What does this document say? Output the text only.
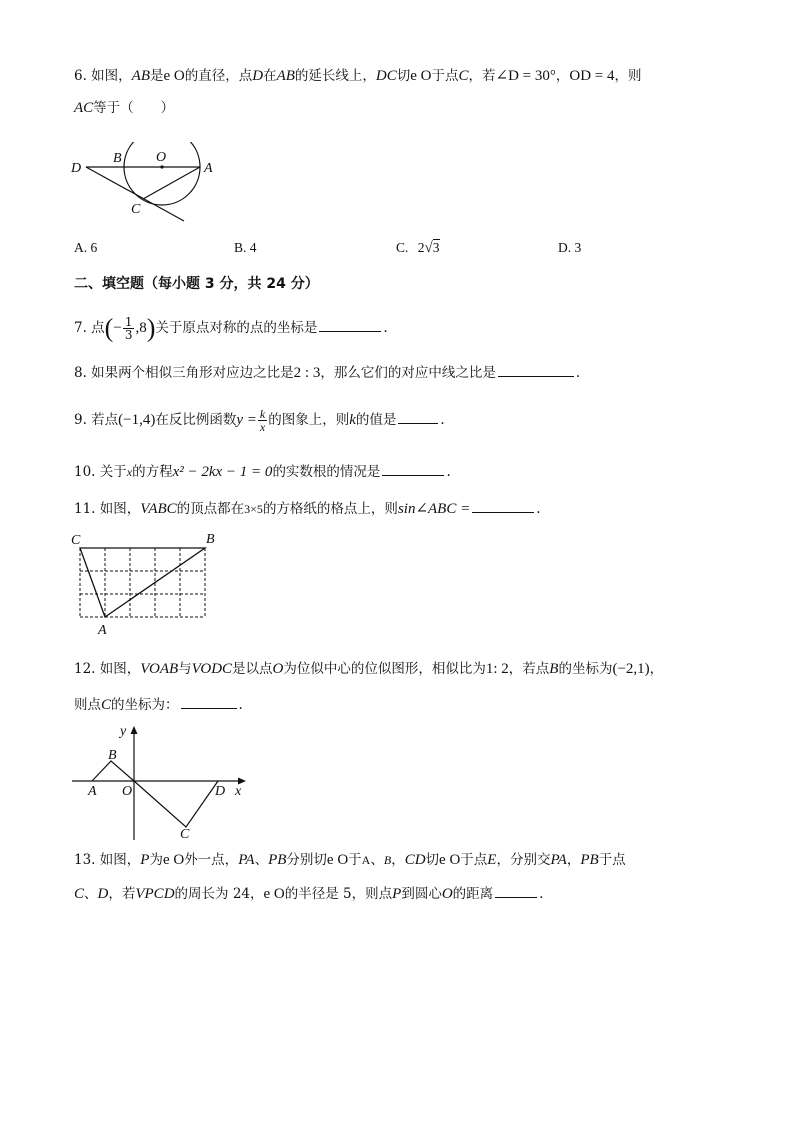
6. 如图，AB是e O的直径，点D在AB的延长线上，DC切e O于点C，若∠D = 30°，OD = 4，则
AC等于（　　）
D
B O
A
C
A. 6	B. 4	C. 2√3	D. 3
二、填空题（每小题 3 分，共 24 分）
7. 点(− $\frac{1}{3} ,8$)关于原点对称的点的坐标是	.
8. 如果两个相似三角形对应边之比是2 : 3，那么它们的对应中线之比是	.
9. 若点(−1,4)在反比例函数$y = \frac{k}{x}$ 的图象上，则k的值是	.
10. 关于x的方程x² − 2kx − 1 = 0的实数根的情况是	.
11. 如图，VABC的顶点都在3×5的方格纸的格点上，则sin∠ABC =	.
C	B
A
12. 如图，VOAB与VODC是以点O为位似中心的位似图形，相似比为1: 2，若点B的坐标为(−2,1)，
则点C的坐标为：	.
y
B
A O	D x
C
13. 如图，P为e O外一点，PA、PB分别切e O于A、B，CD切e O于点E，分别交PA，PB于点
C、D，若VPCD的周长为 24，e O的半径是 5，则点P到圆心O的距离	.
